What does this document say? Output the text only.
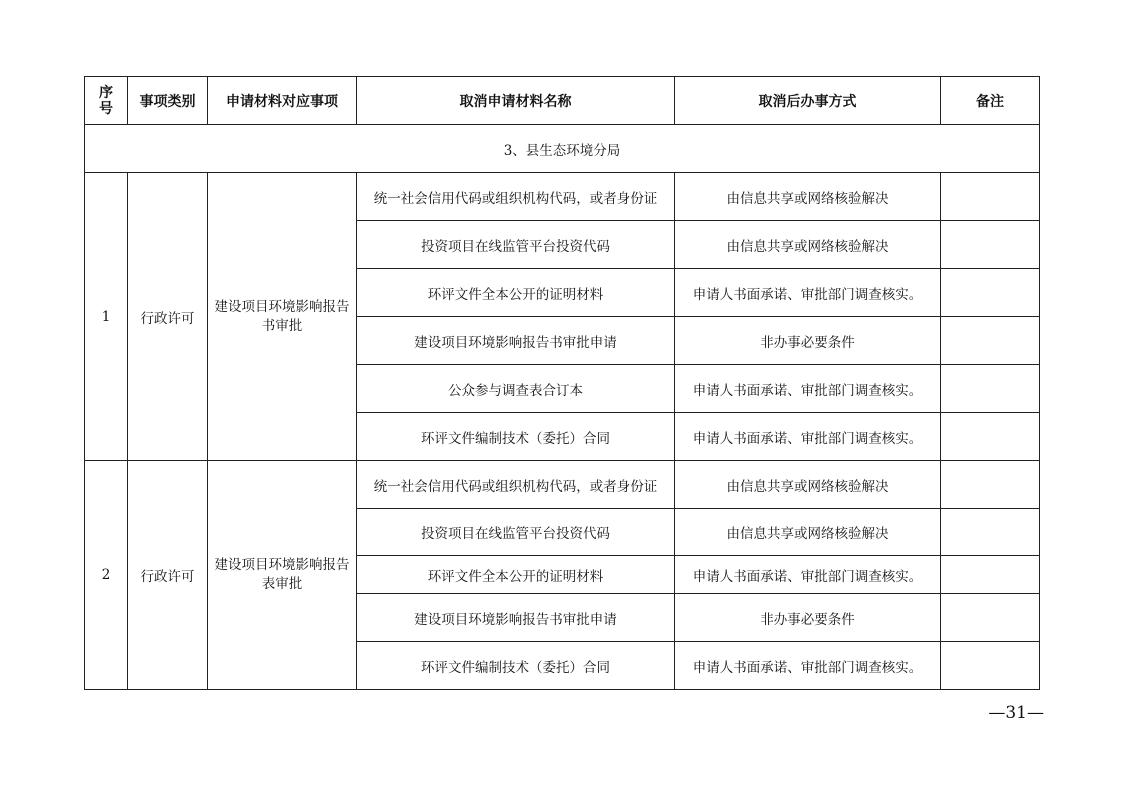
序
号	事项类别	申请材料对应事项	取消申请材料名称	取消后办事方式	备注
3、县生态环境分局					
1	行政许可	建设项目环境影响报告书审批	统一社会信用代码或组织机构代码，或者身份证	由信息共享或网络核验解决	
			投资项目在线监管平台投资代码	由信息共享或网络核验解决	
			环评文件全本公开的证明材料	申请人书面承诺、审批部门调查核实。	
			建设项目环境影响报告书审批申请	非办事必要条件	
			公众参与调查表合订本	申请人书面承诺、审批部门调查核实。	
			环评文件编制技术（委托）合同	申请人书面承诺、审批部门调查核实。	
2	行政许可	建设项目环境影响报告表审批	统一社会信用代码或组织机构代码，或者身份证	由信息共享或网络核验解决	
			投资项目在线监管平台投资代码	由信息共享或网络核验解决	
			环评文件全本公开的证明材料	申请人书面承诺、审批部门调查核实。	
			建设项目环境影响报告书审批申请	非办事必要条件	
			环评文件编制技术（委托）合同	申请人书面承诺、审批部门调查核实。	
—31—
